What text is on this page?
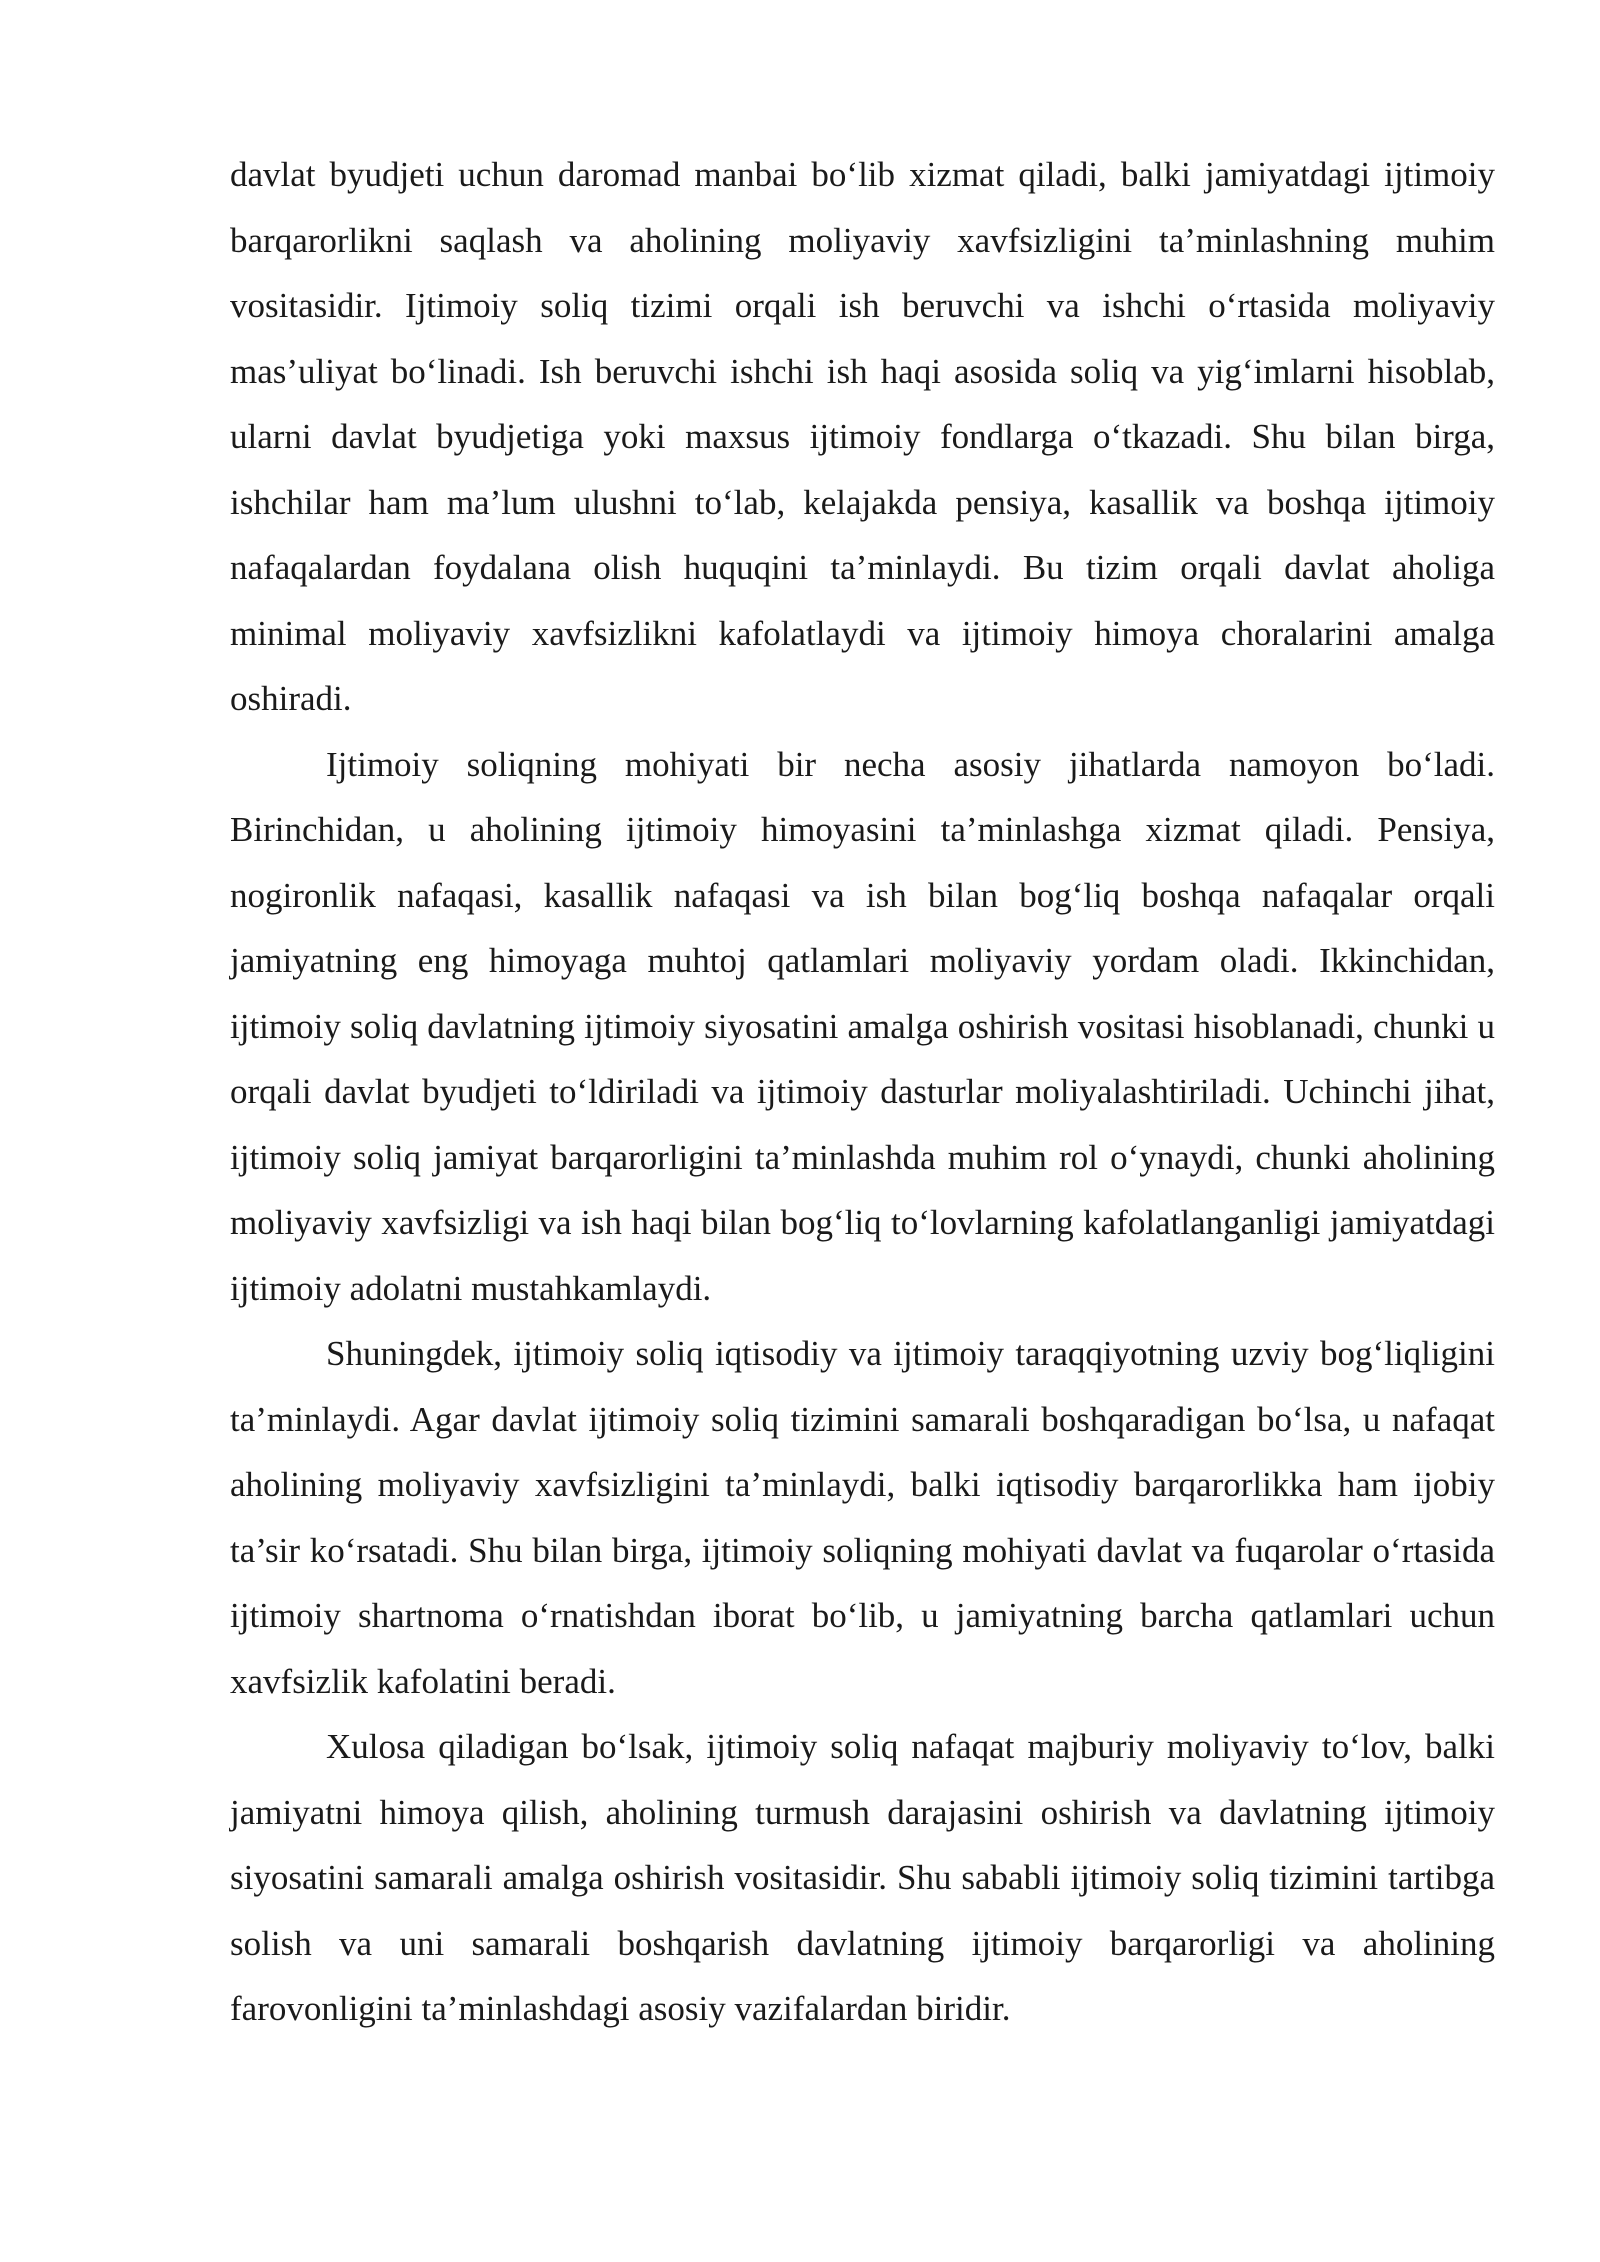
davlat byudjeti uchun daromad manbai bo‘lib xizmat qiladi, balki jamiyatdagi ijtimoiy barqarorlikni saqlash va aholining moliyaviy xavfsizligini ta’minlashning muhim vositasidir. Ijtimoiy soliq tizimi orqali ish beruvchi va ishchi o‘rtasida moliyaviy mas’uliyat bo‘linadi. Ish beruvchi ishchi ish haqi asosida soliq va yig‘imlarni hisoblab, ularni davlat byudjetiga yoki maxsus ijtimoiy fondlarga o‘tkazadi. Shu bilan birga, ishchilar ham ma’lum ulushni to‘lab, kelajakda pensiya, kasallik va boshqa ijtimoiy nafaqalardan foydalana olish huquqini ta’minlaydi. Bu tizim orqali davlat aholiga minimal moliyaviy xavfsizlikni kafolatlaydi va ijtimoiy himoya choralarini amalga oshiradi.

Ijtimoiy soliqning mohiyati bir necha asosiy jihatlarda namoyon bo‘ladi. Birinchidan, u aholining ijtimoiy himoyasini ta’minlashga xizmat qiladi. Pensiya, nogironlik nafaqasi, kasallik nafaqasi va ish bilan bog‘liq boshqa nafaqalar orqali jamiyatning eng himoyaga muhtoj qatlamlari moliyaviy yordam oladi. Ikkinchidan, ijtimoiy soliq davlatning ijtimoiy siyosatini amalga oshirish vositasi hisoblanadi, chunki u orqali davlat byudjeti to‘ldiriladi va ijtimoiy dasturlar moliyalashtiriladi. Uchinchi jihat, ijtimoiy soliq jamiyat barqarorligini ta’minlashda muhim rol o‘ynaydi, chunki aholining moliyaviy xavfsizligi va ish haqi bilan bog‘liq to‘lovlarning kafolatlanganligi jamiyatdagi ijtimoiy adolatni mustahkamlaydi.

Shuningdek, ijtimoiy soliq iqtisodiy va ijtimoiy taraqqiyotning uzviy bog‘liqligini ta’minlaydi. Agar davlat ijtimoiy soliq tizimini samarali boshqaradigan bo‘lsa, u nafaqat aholining moliyaviy xavfsizligini ta’minlaydi, balki iqtisodiy barqarorlikka ham ijobiy ta’sir ko‘rsatadi. Shu bilan birga, ijtimoiy soliqning mohiyati davlat va fuqarolar o‘rtasida ijtimoiy shartnoma o‘rnatishdan iborat bo‘lib, u jamiyatning barcha qatlamlari uchun xavfsizlik kafolatini beradi.

Xulosa qiladigan bo‘lsak, ijtimoiy soliq nafaqat majburiy moliyaviy to‘lov, balki jamiyatni himoya qilish, aholining turmush darajasini oshirish va davlatning ijtimoiy siyosatini samarali amalga oshirish vositasidir. Shu sababli ijtimoiy soliq tizimini tartibga solish va uni samarali boshqarish davlatning ijtimoiy barqarorligi va aholining farovonligini ta’minlashdagi asosiy vazifalardan biridir.
